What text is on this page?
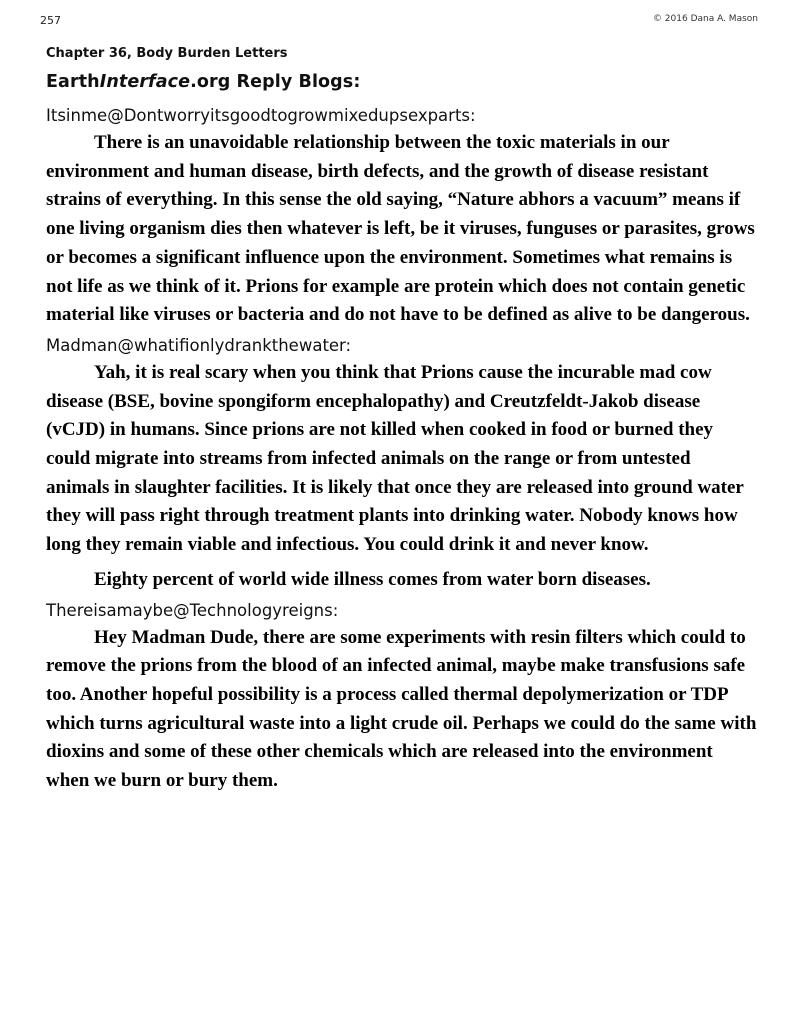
257	© 2016 Dana A. Mason
Chapter 36, Body Burden Letters
EarthInterface.org Reply Blogs:
Itsinme@Dontworryitsgoodtogrowmixedupsexparts:

There is an unavoidable relationship between the toxic materials in our environment and human disease, birth defects, and the growth of disease resistant strains of everything. In this sense the old saying, “Nature abhors a vacuum” means if one living organism dies then whatever is left, be it viruses, funguses or parasites, grows or becomes a significant influence upon the environment. Sometimes what remains is not life as we think of it. Prions for example are protein which does not contain genetic material like viruses or bacteria and do not have to be defined as alive to be dangerous.

Madman@whatifionlydrankthewater:

Yah, it is real scary when you think that Prions cause the incurable mad cow disease (BSE, bovine spongiform encephalopathy) and Creutzfeldt-Jakob disease (vCJD) in humans. Since prions are not killed when cooked in food or burned they could migrate into streams from infected animals on the range or from untested animals in slaughter facilities. It is likely that once they are released into ground water they will pass right through treatment plants into drinking water. Nobody knows how long they remain viable and infectious. You could drink it and never know.

Eighty percent of world wide illness comes from water born diseases.

Thereisamaybe@Technologyreigns:

Hey Madman Dude, there are some experiments with resin filters which could to remove the prions from the blood of an infected animal, maybe make transfusions safe too. Another hopeful possibility is a process called thermal depolymerization or TDP which turns agricultural waste into a light crude oil. Perhaps we could do the same with dioxins and some of these other chemicals which are released into the environment when we burn or bury them.
